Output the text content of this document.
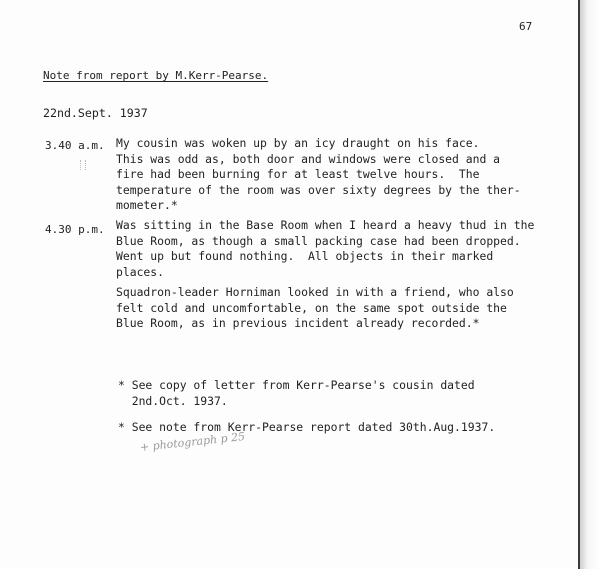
67
Note from report by M.Kerr-Pearse.
22nd.Sept. 1937
3.40 a.m. My cousin was woken up by an icy draught on his face.
This was odd as, both door and windows were closed and a
fire had been burning for at least twelve hours.  The
temperature of the room was over sixty degrees by the ther-
mometer.*
4.30 p.m. Was sitting in the Base Room when I heard a heavy thud in the
Blue Room, as though a small packing case had been dropped.
Went up but found nothing.  All objects in their marked
places.
Squadron-leader Horniman looked in with a friend, who also
felt cold and uncomfortable, on the same spot outside the
Blue Room, as in previous incident already recorded.*
* See copy of letter from Kerr-Pearse's cousin dated
2nd.Oct. 1937.
* See note from Kerr-Pearse report dated 30th.Aug.1937.
+ photograph p 25
